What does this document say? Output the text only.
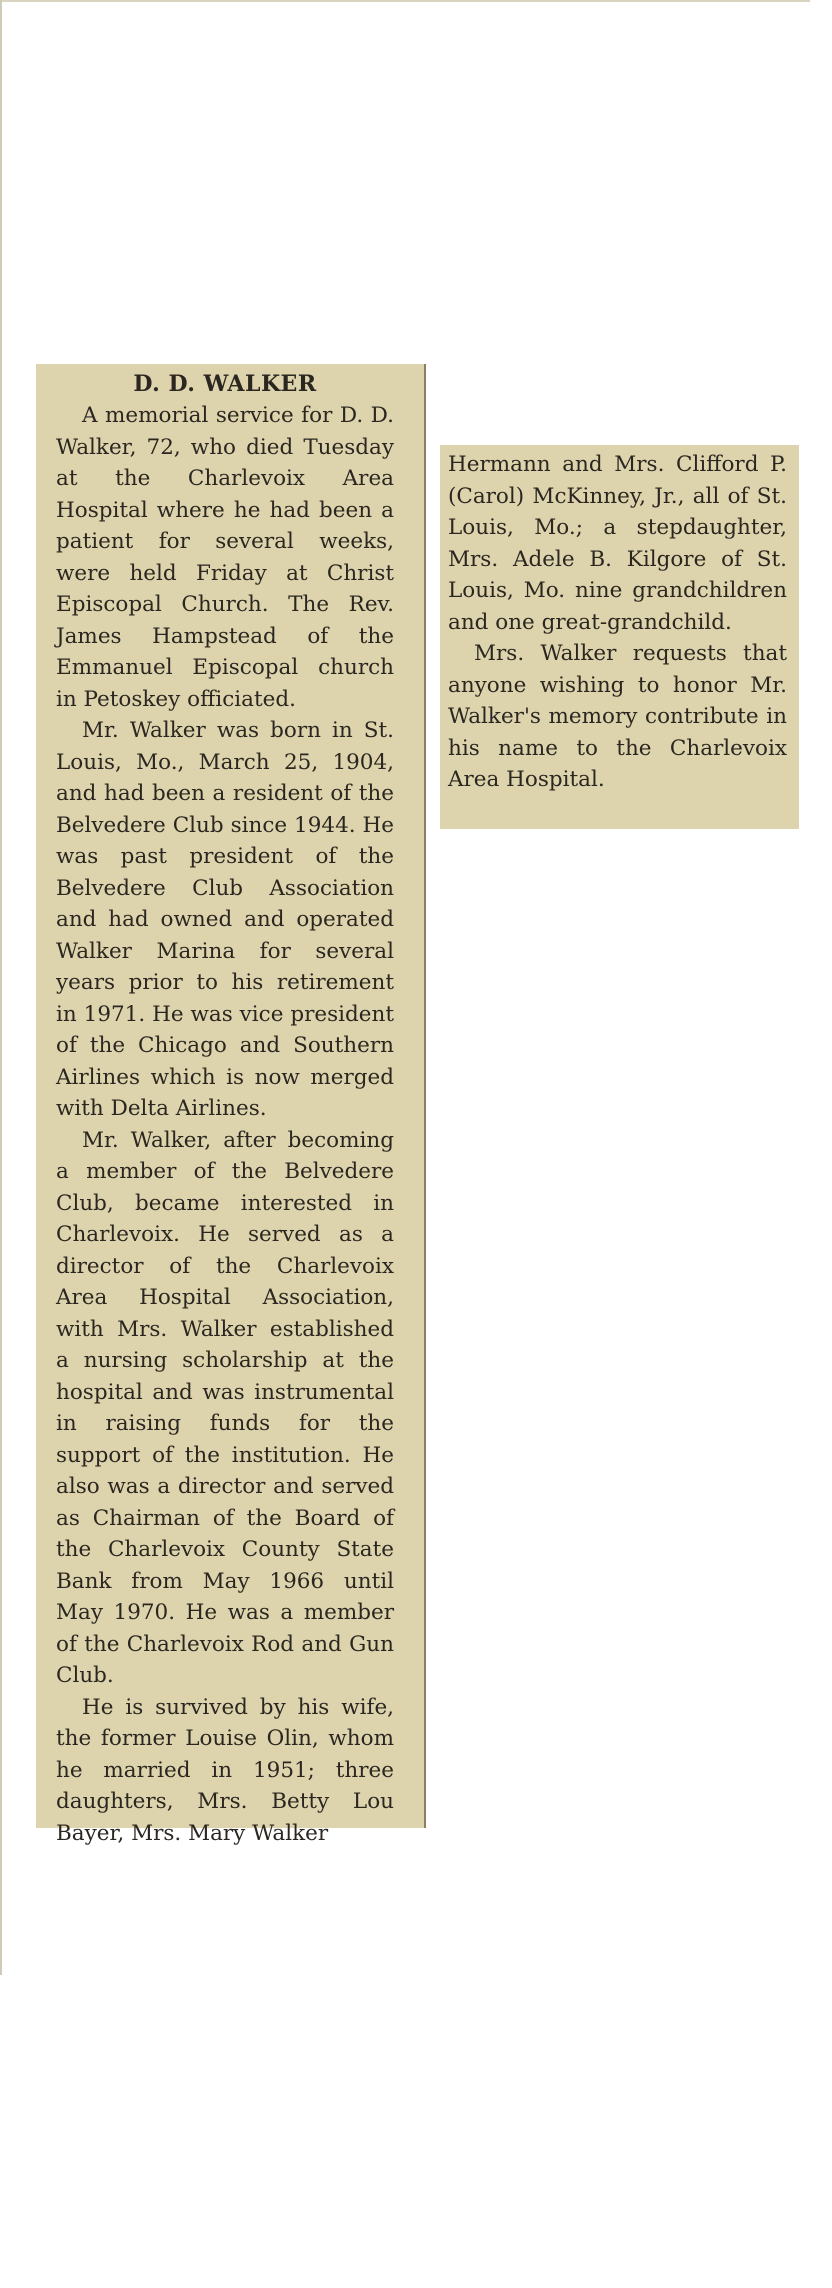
D. D. WALKER

A memorial service for D. D. Walker, 72, who died Tuesday at the Charlevoix Area Hospital where he had been a patient for several weeks, were held Friday at Christ Episcopal Church. The Rev. James Hampstead of the Emmanuel Episcopal church in Petoskey officiated.

Mr. Walker was born in St. Louis, Mo., March 25, 1904, and had been a resident of the Belvedere Club since 1944. He was past president of the Belvedere Club Association and had owned and operated Walker Marina for several years prior to his retirement in 1971. He was vice president of the Chicago and Southern Airlines which is now merged with Delta Airlines.

Mr. Walker, after becoming a member of the Belvedere Club, became interested in Charlevoix. He served as a director of the Charlevoix Area Hospital Association, with Mrs. Walker established a nursing scholarship at the hospital and was instrumental in raising funds for the support of the institution. He also was a director and served as Chairman of the Board of the Charlevoix County State Bank from May 1966 until May 1970. He was a member of the Charlevoix Rod and Gun Club.

He is survived by his wife, the former Louise Olin, whom he married in 1951; three daughters, Mrs. Betty Lou Bayer, Mrs. Mary Walker

Hermann and Mrs. Clifford P. (Carol) McKinney, Jr., all of St. Louis, Mo.; a stepdaughter, Mrs. Adele B. Kilgore of St. Louis, Mo. nine grandchildren and one great-grandchild.

Mrs. Walker requests that anyone wishing to honor Mr. Walker's memory contribute in his name to the Charlevoix Area Hospital.
